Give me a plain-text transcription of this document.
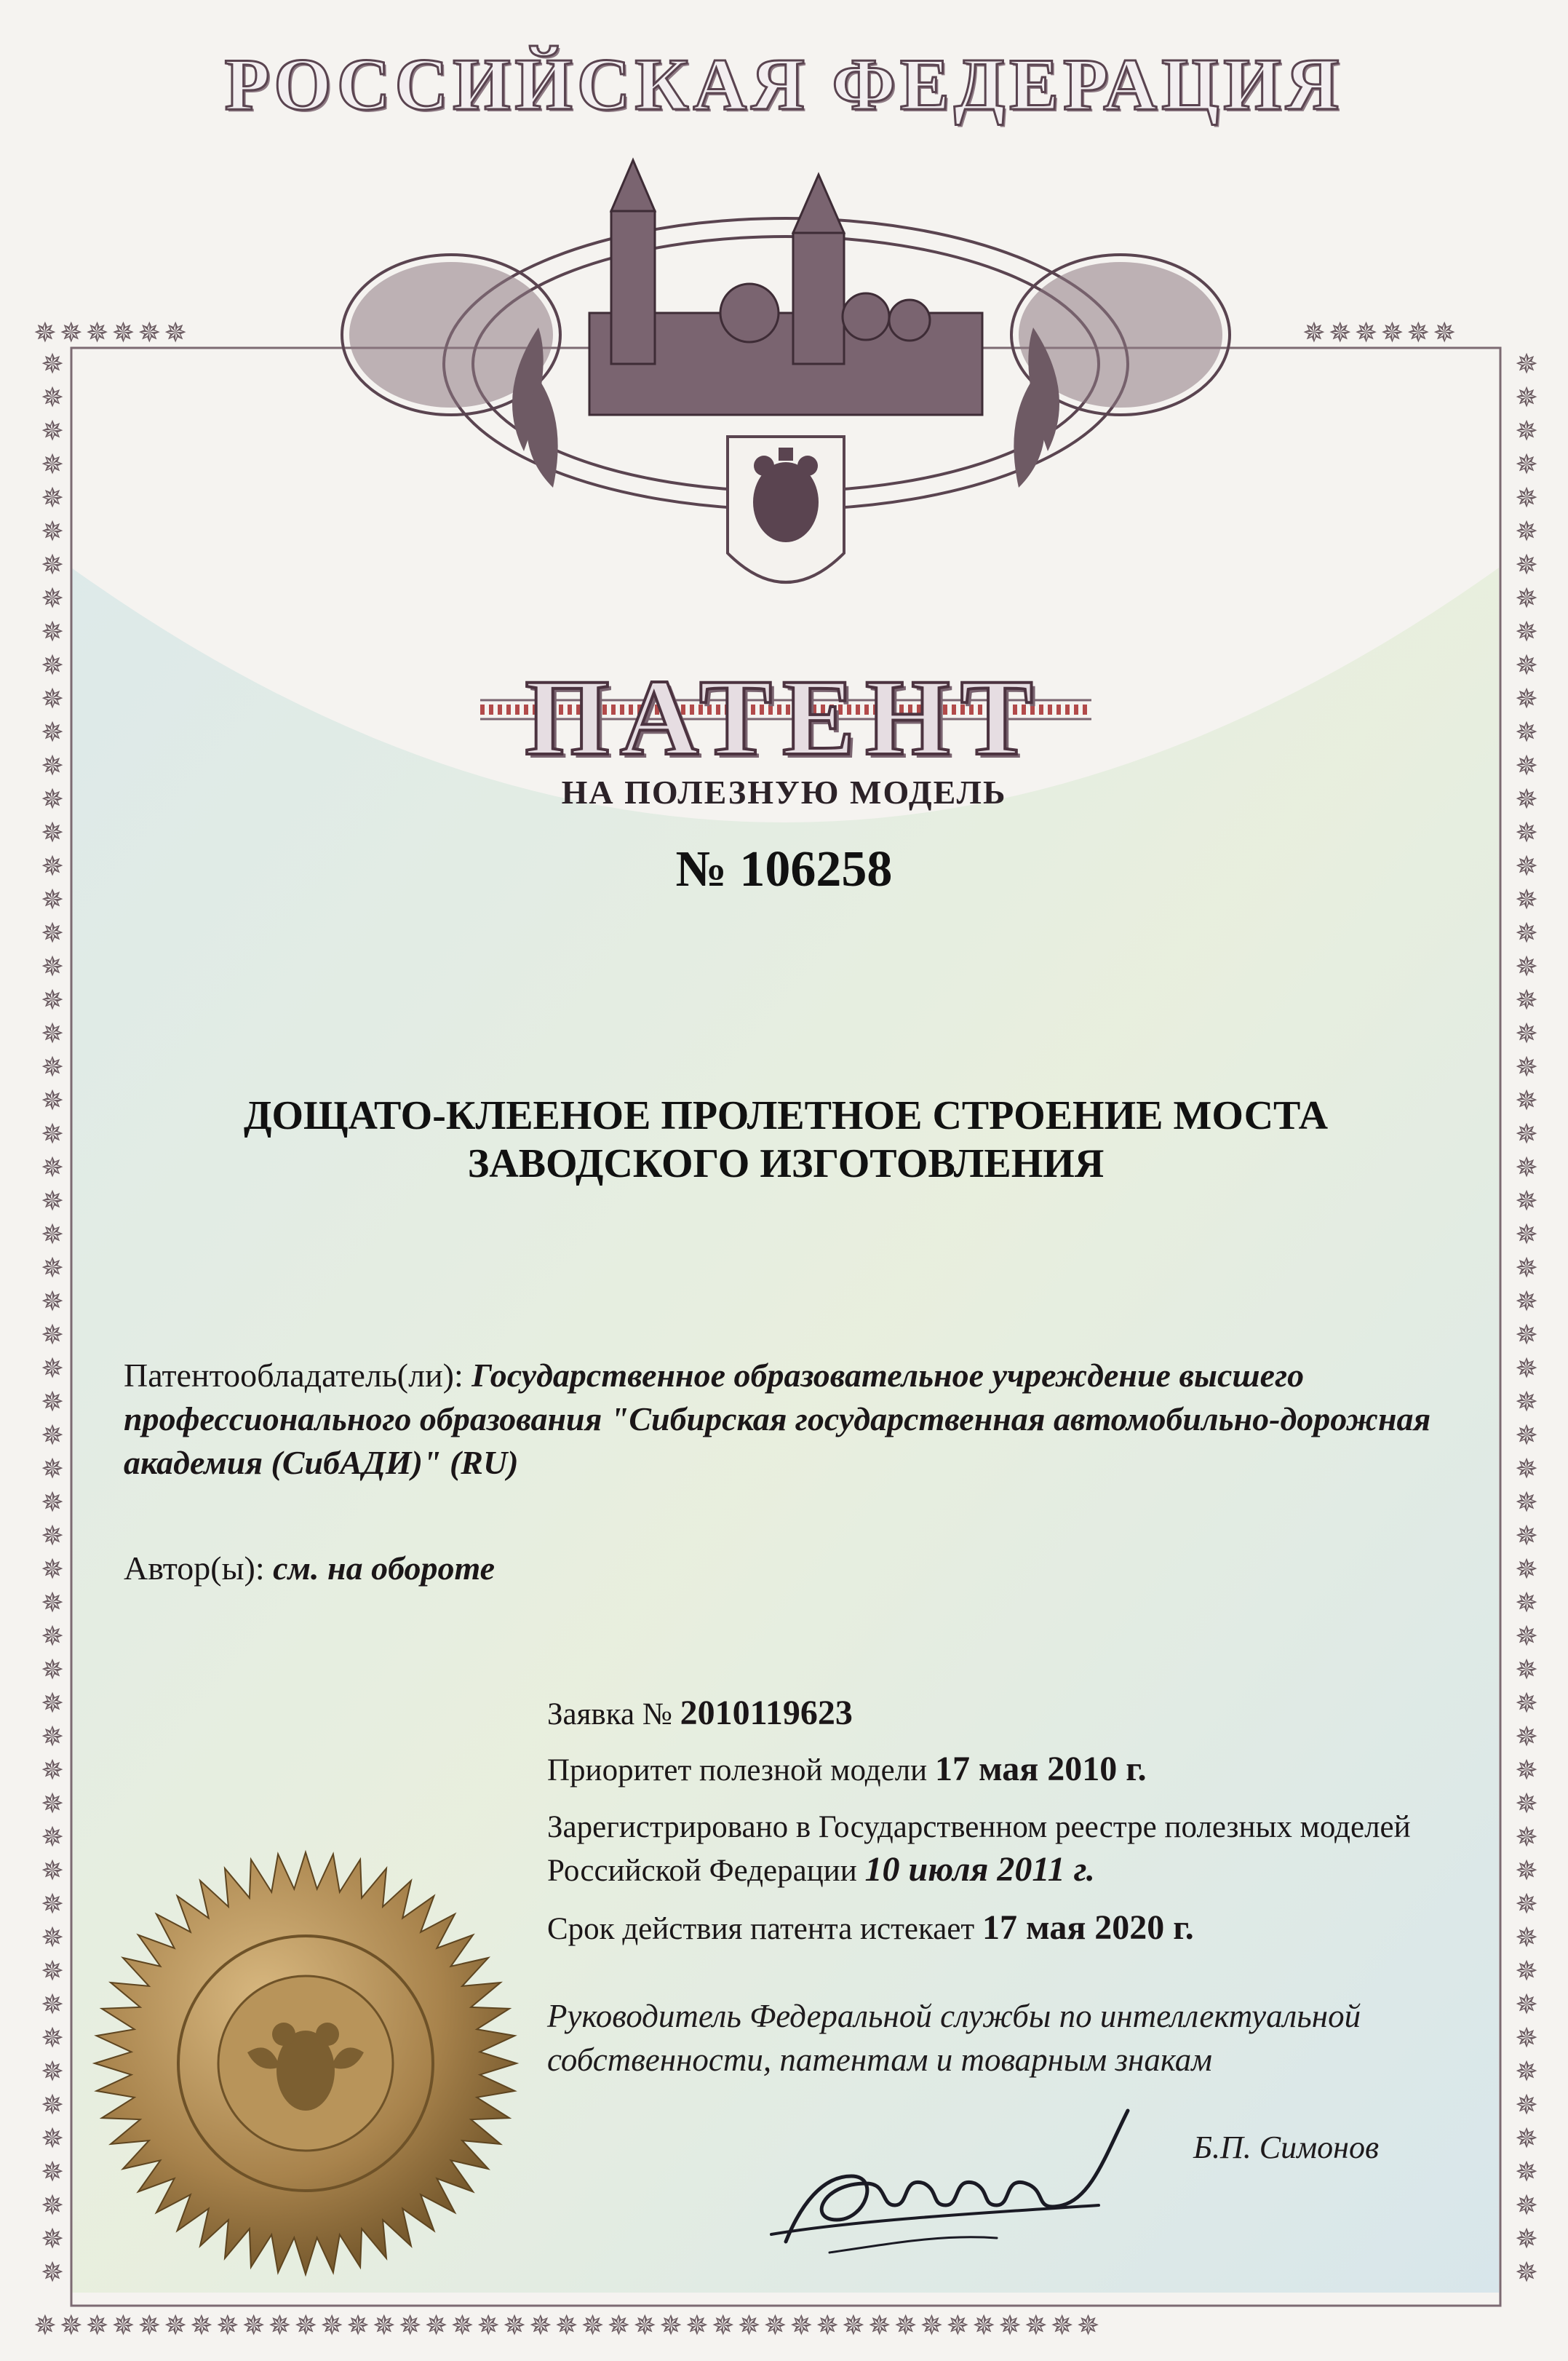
✵✵✵✵✵✵	✵✵✵✵✵✵
✵✵✵✵✵✵✵✵✵✵✵✵✵✵✵✵✵✵✵✵✵✵✵✵✵✵✵✵✵✵✵✵✵✵✵✵✵✵✵✵✵
✵ ✵ ✵ ✵ ✵ ✵ ✵ ✵ ✵ ✵ ✵ ✵ ✵ ✵ ✵ ✵ ✵ ✵ ✵ ✵ ✵ ✵ ✵ ✵ ✵ ✵ ✵ ✵ ✵ ✵ ✵ ✵ ✵ ✵ ✵ ✵ ✵ ✵ ✵ ✵ ✵ ✵ ✵ ✵ ✵ ✵ ✵ ✵ ✵ ✵ ✵ ✵ ✵ ✵ ✵ ✵ ✵ ✵
✵ ✵ ✵ ✵ ✵ ✵ ✵ ✵ ✵ ✵ ✵ ✵ ✵ ✵ ✵ ✵ ✵ ✵ ✵ ✵ ✵ ✵ ✵ ✵ ✵ ✵ ✵ ✵ ✵ ✵ ✵ ✵ ✵ ✵ ✵ ✵ ✵ ✵ ✵ ✵ ✵ ✵ ✵ ✵ ✵ ✵ ✵ ✵ ✵ ✵ ✵ ✵ ✵ ✵ ✵ ✵ ✵ ✵
РОССИЙСКАЯ ФЕДЕРАЦИЯ
ПАТЕНТ
НА ПОЛЕЗНУЮ МОДЕЛЬ
№ 106258
ДОЩАТО-КЛЕЕНОЕ ПРОЛЕТНОЕ СТРОЕНИЕ МОСТА
ЗАВОДСКОГО ИЗГОТОВЛЕНИЯ
Патентообладатель(ли): Государственное образовательное учреждение высшего профессионального образования "Сибирская государственная автомобильно-дорожная академия (СибАДИ)" (RU)
Автор(ы): см. на обороте
Заявка № 2010119623
Приоритет полезной модели 17 мая 2010 г.
Зарегистрировано в Государственном реестре полезных моделей Российской Федерации 10 июля 2011 г.
Срок действия патента истекает 17 мая 2020 г.
Руководитель Федеральной службы по интеллектуальной собственности, патентам и товарным знакам
Б.П. Симонов
